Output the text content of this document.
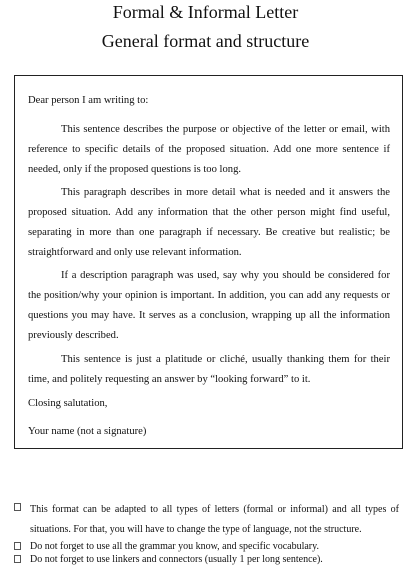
Formal & Informal Letter
General format and structure

Dear person I am writing to:

This sentence describes the purpose or objective of the letter or email, with reference to specific details of the proposed situation. Add one more sentence if needed, only if the proposed questions is too long.

This paragraph describes in more detail what is needed and it answers the proposed situation. Add any information that the other person might find useful, separating in more than one paragraph if necessary. Be creative but realistic; be straightforward and only use relevant information.

If a description paragraph was used, say why you should be considered for the position/why your opinion is important. In addition, you can add any requests or questions you may have. It serves as a conclusion, wrapping up all the information previously described.

This sentence is just a platitude or cliché, usually thanking them for their time, and politely requesting an answer by “looking forward” to it.

Closing salutation,

Your name (not a signature)

This format can be adapted to all types of letters (formal or informal) and all types of situations. For that, you will have to change the type of language, not the structure.
Do not forget to use all the grammar you know, and specific vocabulary.
Do not forget to use linkers and connectors (usually 1 per long sentence).
